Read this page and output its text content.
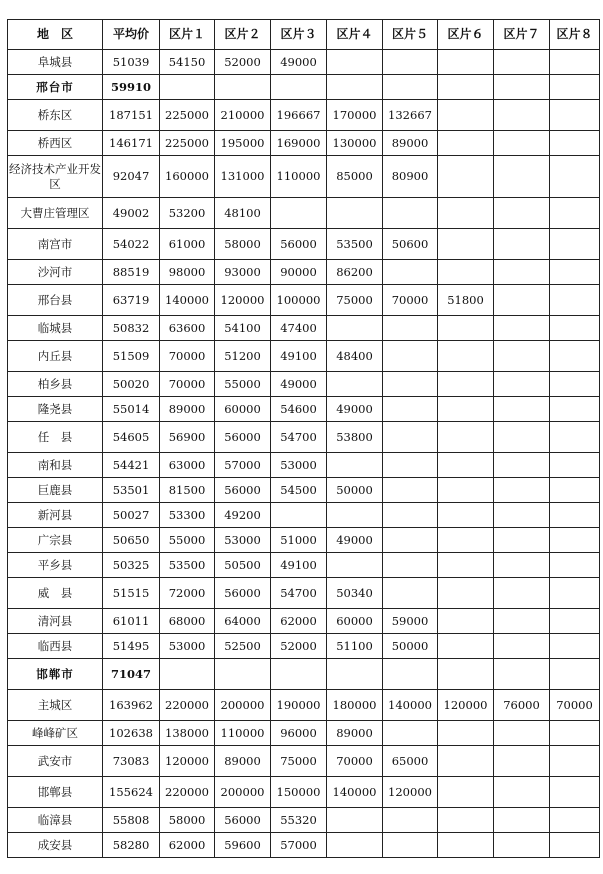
地　区	平均价	区片１	区片２	区片３	区片４	区片５	区片６	区片７	区片８
阜城县	51039	54150	52000	49000					
邢台市	59910								
桥东区	187151	225000	210000	196667	170000	132667			
桥西区	146171	225000	195000	169000	130000	89000			
经济技术产业开发区	92047	160000	131000	110000	85000	80900			
大曹庄管理区	49002	53200	48100						
南宫市	54022	61000	58000	56000	53500	50600			
沙河市	88519	98000	93000	90000	86200				
邢台县	63719	140000	120000	100000	75000	70000	51800		
临城县	50832	63600	54100	47400					
内丘县	51509	70000	51200	49100	48400				
柏乡县	50020	70000	55000	49000					
隆尧县	55014	89000	60000	54600	49000				
任　县	54605	56900	56000	54700	53800				
南和县	54421	63000	57000	53000					
巨鹿县	53501	81500	56000	54500	50000				
新河县	50027	53300	49200						
广宗县	50650	55000	53000	51000	49000				
平乡县	50325	53500	50500	49100					
威　县	51515	72000	56000	54700	50340				
清河县	61011	68000	64000	62000	60000	59000			
临西县	51495	53000	52500	52000	51100	50000			
邯郸市	71047								
主城区	163962	220000	200000	190000	180000	140000	120000	76000	70000
峰峰矿区	102638	138000	110000	96000	89000				
武安市	73083	120000	89000	75000	70000	65000			
邯郸县	155624	220000	200000	150000	140000	120000			
临漳县	55808	58000	56000	55320					
成安县	58280	62000	59600	57000					
